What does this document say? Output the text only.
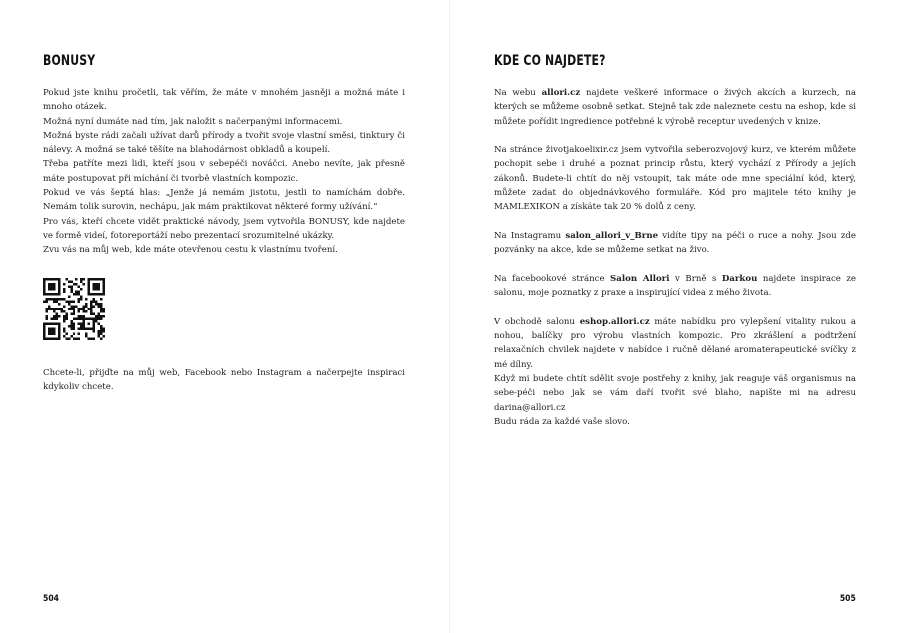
BONUSY

Pokud jste knihu pročetli, tak věřím, že máte v mnohém jasněji a možná máte i mnoho otázek.

Možná nyní dumáte nad tím, jak naložit s načerpanými informacemi.

Možná byste rádi začali užívat darů přírody a tvořit svoje vlastní směsi, tinktury či nálevy. A možná se také těšíte na blahodárnost obkladů a koupelí.

Třeba patříte mezi lidi, kteří jsou v sebepéči nováčci. Anebo nevíte, jak přesně máte postupovat při míchání či tvorbě vlastních kompozic.

Pokud ve vás šeptá hlas: „Jenže já nemám jistotu, jestli to namíchám dobře. Nemám tolik surovin, nechápu, jak mám praktikovat některé formy užívání.“

Pro vás, kteří chcete vidět praktické návody, jsem vytvořila BONUSY, kde najdete ve formě videí, fotoreportáží nebo prezentací srozumitelné ukázky.

Zvu vás na můj web, kde máte otevřenou cestu k vlastnímu tvoření.

Chcete-li, přijďte na můj web, Facebook nebo Instagram a načerpejte inspiraci kdykoliv chcete.

504
KDE CO NAJDETE?

Na webu allori.cz najdete veškeré informace o živých akcích a kurzech, na kterých se můžeme osobně setkat. Stejně tak zde naleznete cestu na eshop, kde si můžete pořídit ingredience potřebné k výrobě receptur uvedených v knize.

Na stránce životjakoelixir.cz jsem vytvořila seberozvojový kurz, ve kterém můžete pochopit sebe i druhé a poznat princip růstu, který vychází z Přírody a jejích zákonů. Budete-li chtít do něj vstoupit, tak máte ode mne speciální kód, který, můžete zadat do objednávkového formuláře. Kód pro majitele této knihy je MAMLEXIKON a získáte tak 20 % dolů z ceny.

Na Instagramu salon_allori_v_Brne vidíte tipy na péči o ruce a nohy. Jsou zde pozvánky na akce, kde se můžeme setkat na živo.

Na facebookové stránce Salon Allori v Brně s Darkou najdete inspirace ze salonu, moje poznatky z praxe a inspirující videa z mého života.

V obchodě salonu eshop.allori.cz máte nabídku pro vylepšení vitality rukou a nohou, balíčky pro výrobu vlastních kompozic. Pro zkrášlení a podtržení relaxačních chvilek najdete v nabídce i ručně dělané aromaterapeutické svíčky z mé dílny.

Když mi budete chtít sdělit svoje postřehy z knihy, jak reaguje váš organismus na sebe-péči nebo jak se vám daří tvořit své blaho, napište mi na adresu darina@allori.cz

Budu ráda za každé vaše slovo.

505
